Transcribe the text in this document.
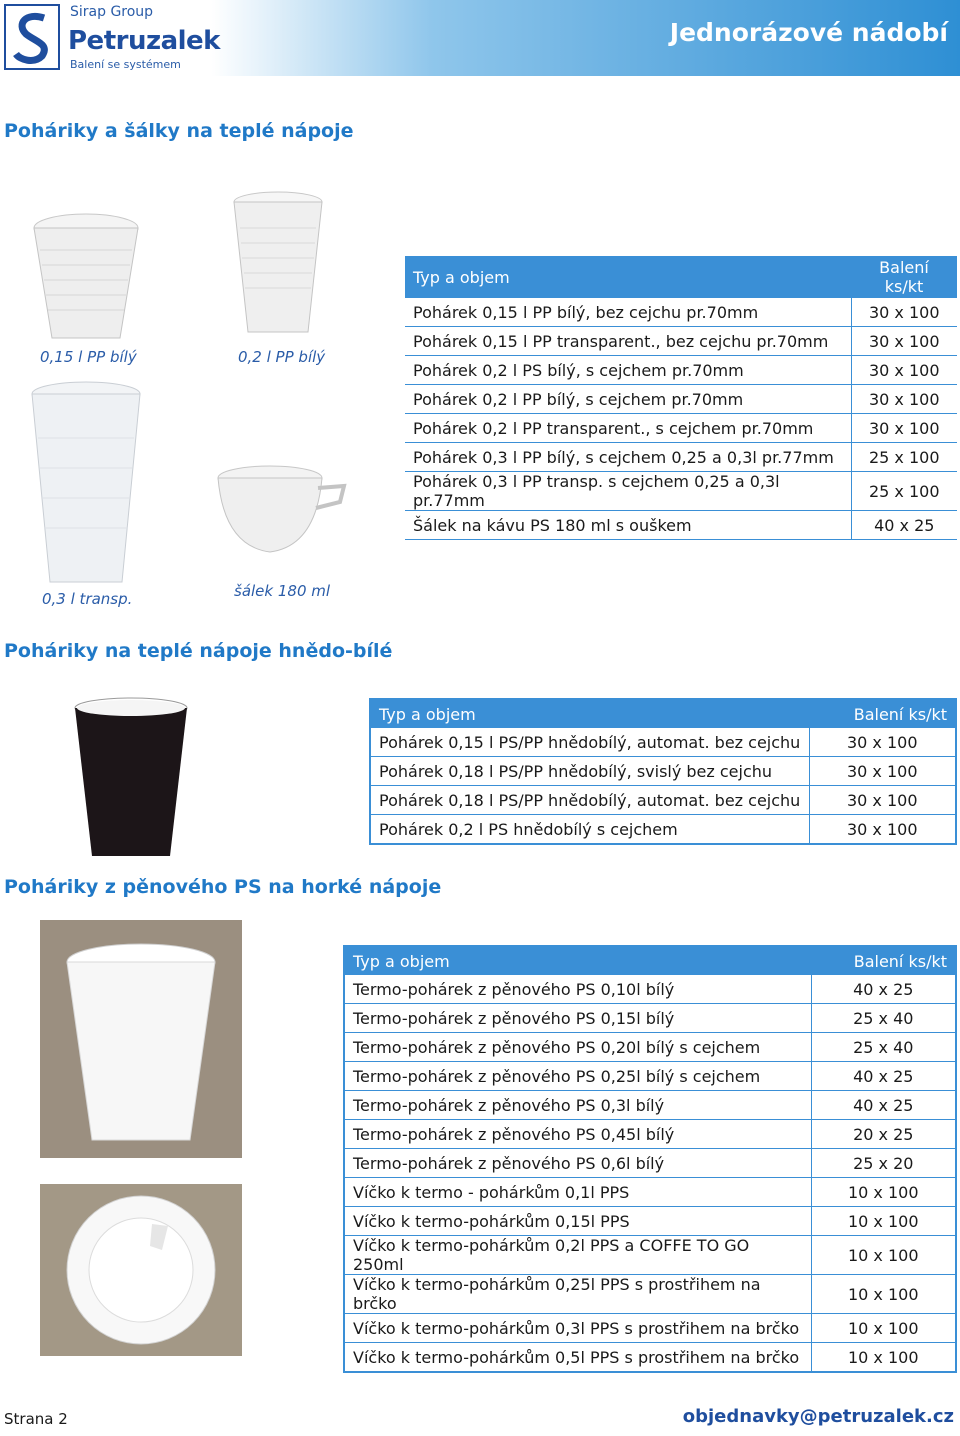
Sirap Group
Petruzalek
Balení se systémem
Jednorázové nádobí
Poháriky a šálky na teplé nápoje
0,15 l PP bílý	0,2 l PP bílý
0,3 l transp.	šálek 180 ml
Typ a objem	Balení ks/kt
Pohárek 0,15 l PP bílý, bez cejchu pr.70mm	30 x 100
Pohárek 0,15 l PP transparent., bez cejchu pr.70mm	30 x 100
Pohárek 0,2 l PS bílý, s cejchem pr.70mm	30 x 100
Pohárek 0,2 l PP bílý, s cejchem pr.70mm	30 x 100
Pohárek 0,2 l PP transparent., s cejchem pr.70mm	30 x 100
Pohárek 0,3 l PP bílý, s cejchem 0,25 a 0,3l pr.77mm	25 x 100
Pohárek 0,3 l PP transp. s cejchem 0,25 a 0,3l pr.77mm	25 x 100
Šálek na kávu PS 180 ml s ouškem	40 x 25
Poháriky na teplé nápoje hnědo-bílé
Typ a objem	Balení ks/kt
Pohárek 0,15 l PS/PP hnědobílý, automat. bez cejchu	30 x 100
Pohárek 0,18 l PS/PP hnědobílý, svislý bez cejchu	30 x 100
Pohárek 0,18 l PS/PP hnědobílý, automat. bez cejchu	30 x 100
Pohárek 0,2 l PS hnědobílý s cejchem	30 x 100
Poháriky z pěnového PS na horké nápoje
Typ a objem	Balení ks/kt
Termo-pohárek z pěnového PS 0,10l bílý	40 x 25
Termo-pohárek z pěnového PS 0,15l bílý	25 x 40
Termo-pohárek z pěnového PS 0,20l bílý s cejchem	25 x 40
Termo-pohárek z pěnového PS 0,25l bílý s cejchem	40 x 25
Termo-pohárek z pěnového PS 0,3l bílý	40 x 25
Termo-pohárek z pěnového PS 0,45l bílý	20 x 25
Termo-pohárek z pěnového PS 0,6l bílý	25 x 20
Víčko k termo - pohárkům 0,1l PPS	10 x 100
Víčko k termo-pohárkům 0,15l PPS	10 x 100
Víčko k termo-pohárkům 0,2l PPS a COFFE TO GO 250ml	10 x 100
Víčko k termo-pohárkům 0,25l PPS s prostřihem na brčko	10 x 100
Víčko k termo-pohárkům 0,3l PPS s prostřihem na brčko	10 x 100
Víčko k termo-pohárkům 0,5l PPS s prostřihem na brčko	10 x 100
Strana 2	objednavky@petruzalek.cz
